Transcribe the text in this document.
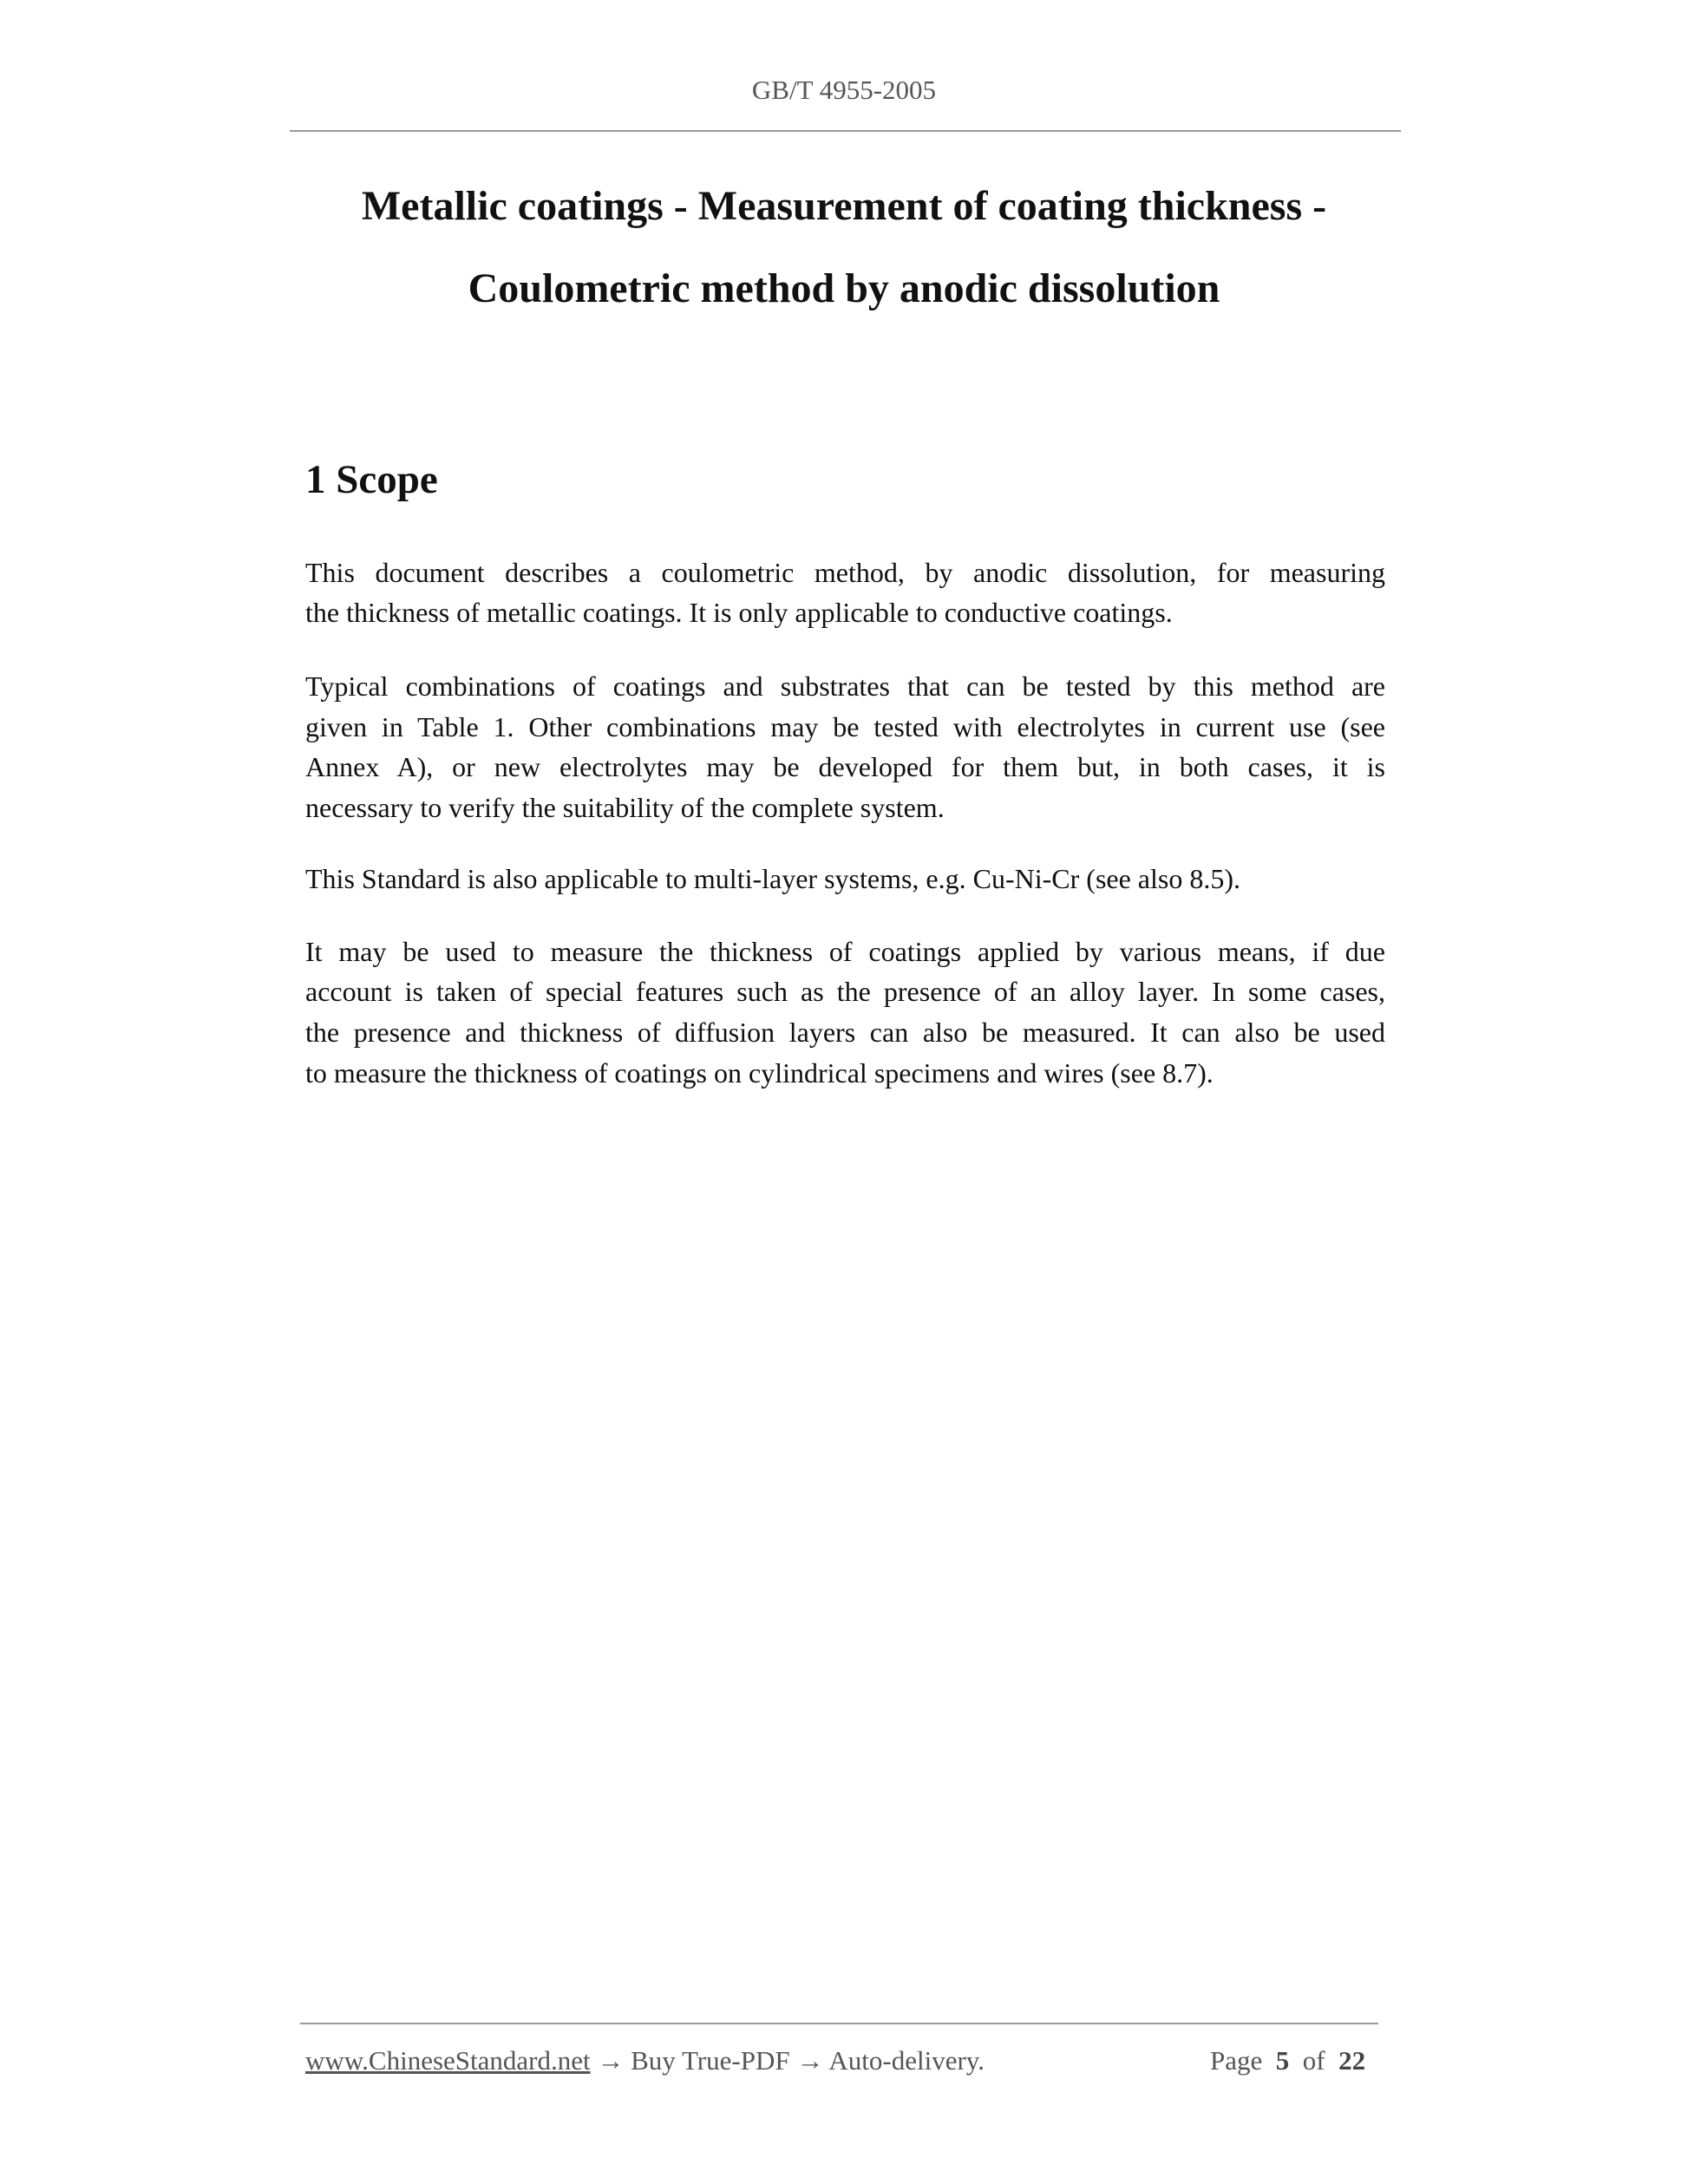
GB/T 4955-2005
Metallic coatings - Measurement of coating thickness -
Coulometric method by anodic dissolution
1 Scope
This document describes a coulometric method, by anodic dissolution, for measuring
the thickness of metallic coatings. It is only applicable to conductive coatings.
Typical combinations of coatings and substrates that can be tested by this method are
given in Table 1. Other combinations may be tested with electrolytes in current use (see
Annex A), or new electrolytes may be developed for them but, in both cases, it is
necessary to verify the suitability of the complete system.
This Standard is also applicable to multi-layer systems, e.g. Cu-Ni-Cr (see also 8.5).
It may be used to measure the thickness of coatings applied by various means, if due
account is taken of special features such as the presence of an alloy layer. In some cases,
the presence and thickness of diffusion layers can also be measured. It can also be used
to measure the thickness of coatings on cylindrical specimens and wires (see 8.7).
www.ChineseStandard.net → Buy True-PDF → Auto-delivery.	Page 5 of 22
